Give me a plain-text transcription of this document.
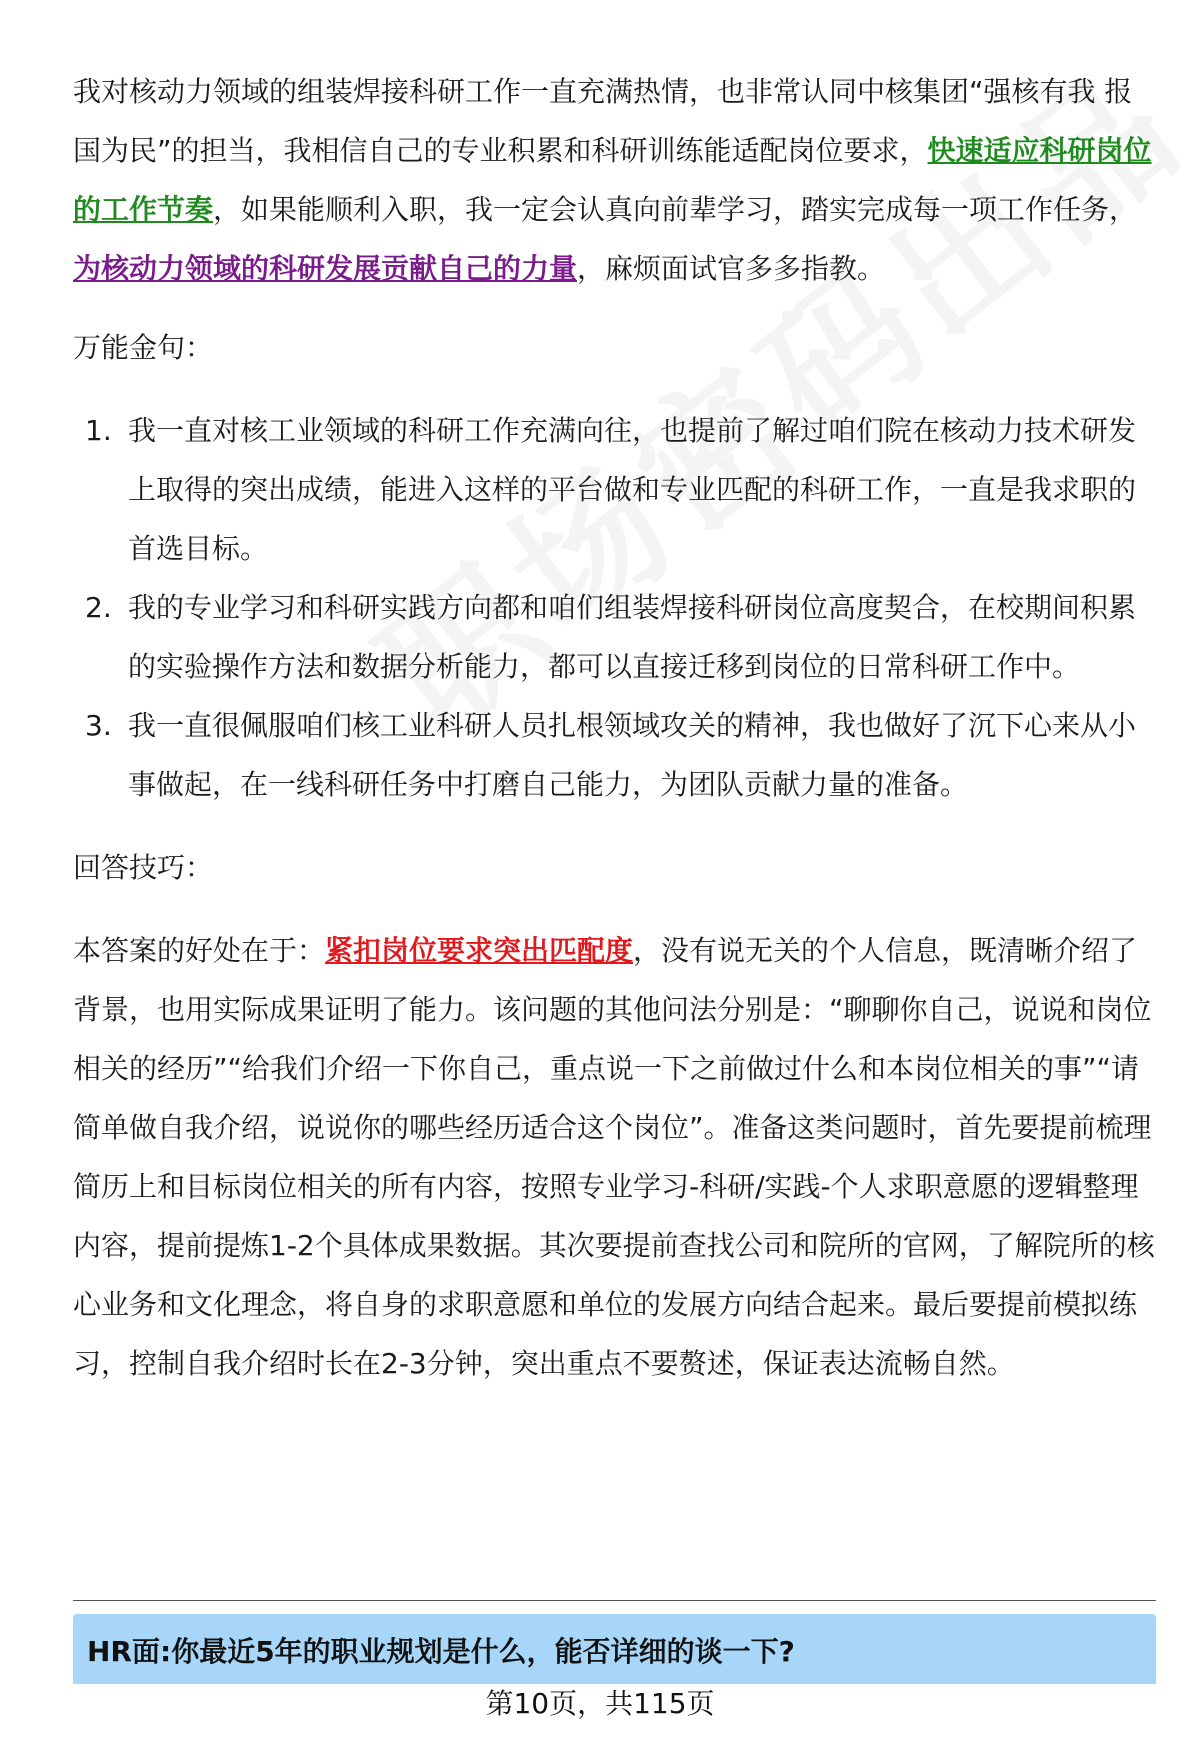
我对核动力领域的组装焊接科研工作一直充满热情，也非常认同中核集团“强核有我 报国为民”的担当，我相信自己的专业积累和科研训练能适配岗位要求，快速适应科研岗位的工作节奏，如果能顺利入职，我一定会认真向前辈学习，踏实完成每一项工作任务，为核动力领域的科研发展贡献自己的力量，麻烦面试官多多指教。

万能金句：

1. 我一直对核工业领域的科研工作充满向往，也提前了解过咱们院在核动力技术研发上取得的突出成绩，能进入这样的平台做和专业匹配的科研工作，一直是我求职的首选目标。
2. 我的专业学习和科研实践方向都和咱们组装焊接科研岗位高度契合，在校期间积累的实验操作方法和数据分析能力，都可以直接迁移到岗位的日常科研工作中。
3. 我一直很佩服咱们核工业科研人员扎根领域攻关的精神，我也做好了沉下心来从小事做起，在一线科研任务中打磨自己能力，为团队贡献力量的准备。

回答技巧：

本答案的好处在于：紧扣岗位要求突出匹配度，没有说无关的个人信息，既清晰介绍了背景，也用实际成果证明了能力。该问题的其他问法分别是：“聊聊你自己，说说和岗位相关的经历”“给我们介绍一下你自己，重点说一下之前做过什么和本岗位相关的事”“请简单做自我介绍，说说你的哪些经历适合这个岗位”。准备这类问题时，首先要提前梳理简历上和目标岗位相关的所有内容，按照专业学习-科研/实践-个人求职意愿的逻辑整理内容，提前提炼1-2个具体成果数据。其次要提前查找公司和院所的官网，了解院所的核心业务和文化理念，将自身的求职意愿和单位的发展方向结合起来。最后要提前模拟练习，控制自我介绍时长在2-3分钟，突出重点不要赘述，保证表达流畅自然。

HR面:你最近5年的职业规划是什么，能否详细的谈一下?
第10页，共115页
